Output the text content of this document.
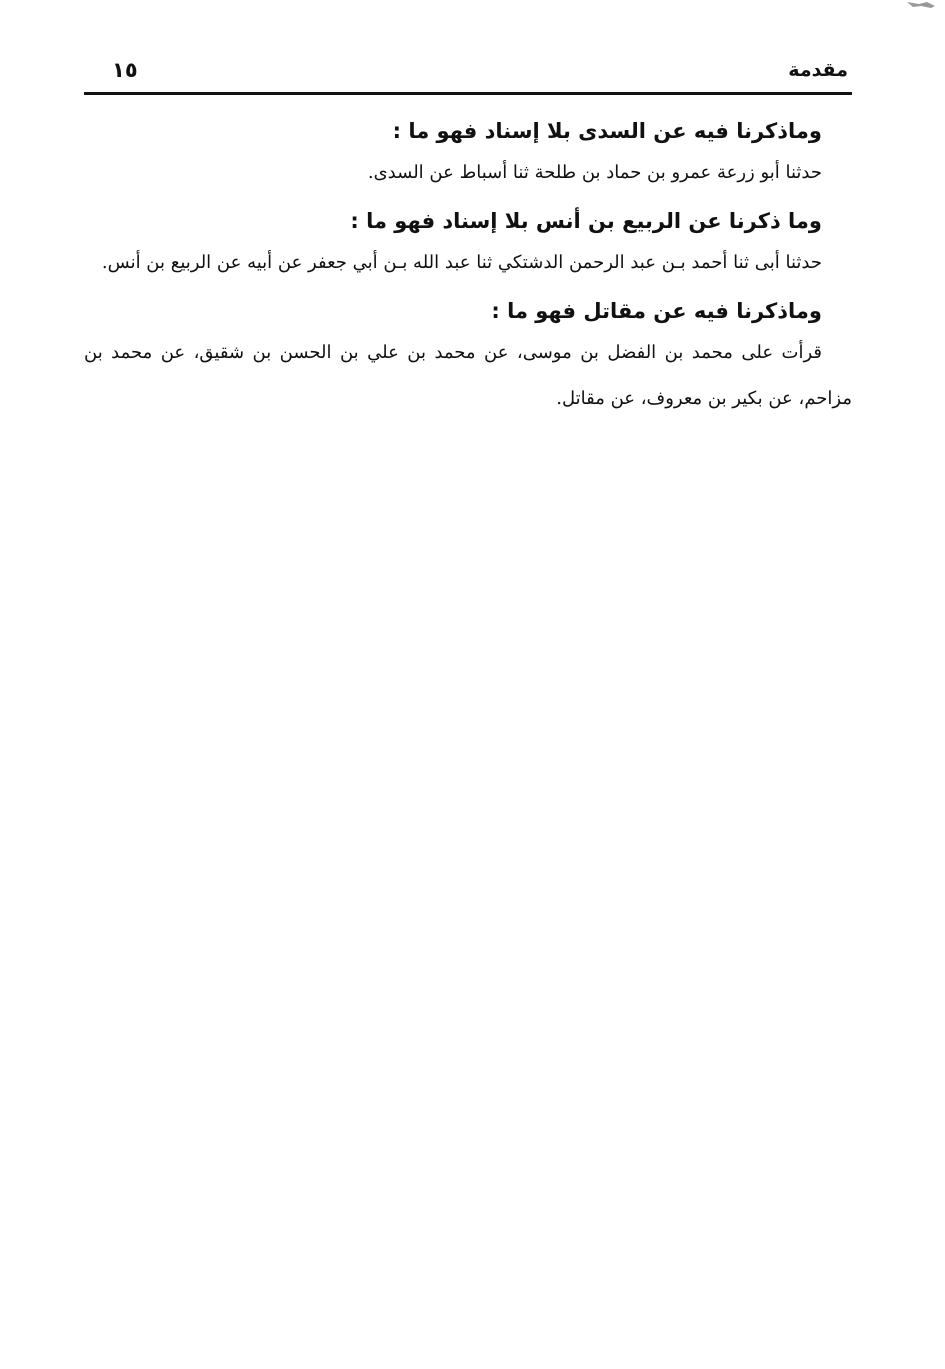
مقدمة
١٥

وماذكرنا فيه عن السدى بلا إسناد فهو ما :

حدثنا أبو زرعة عمرو بن حماد بن طلحة ثنا أسباط عن السدى.

وما ذكرنا عن الربيع بن أنس بلا إسناد فهو ما :

حدثنا أبى ثنا أحمد بـن عبد الرحمن الدشتكي ثنا عبد الله بـن أبي جعفر عن أبيه عن الربيع بن أنس.

وماذكرنا فيه عن مقاتل فهو ما :

قرأت على محمد بن الفضل بن موسى، عن محمد بن علي بن الحسن بن شقيق، عن محمد بن مزاحم، عن بكير بن معروف، عن مقاتل.
